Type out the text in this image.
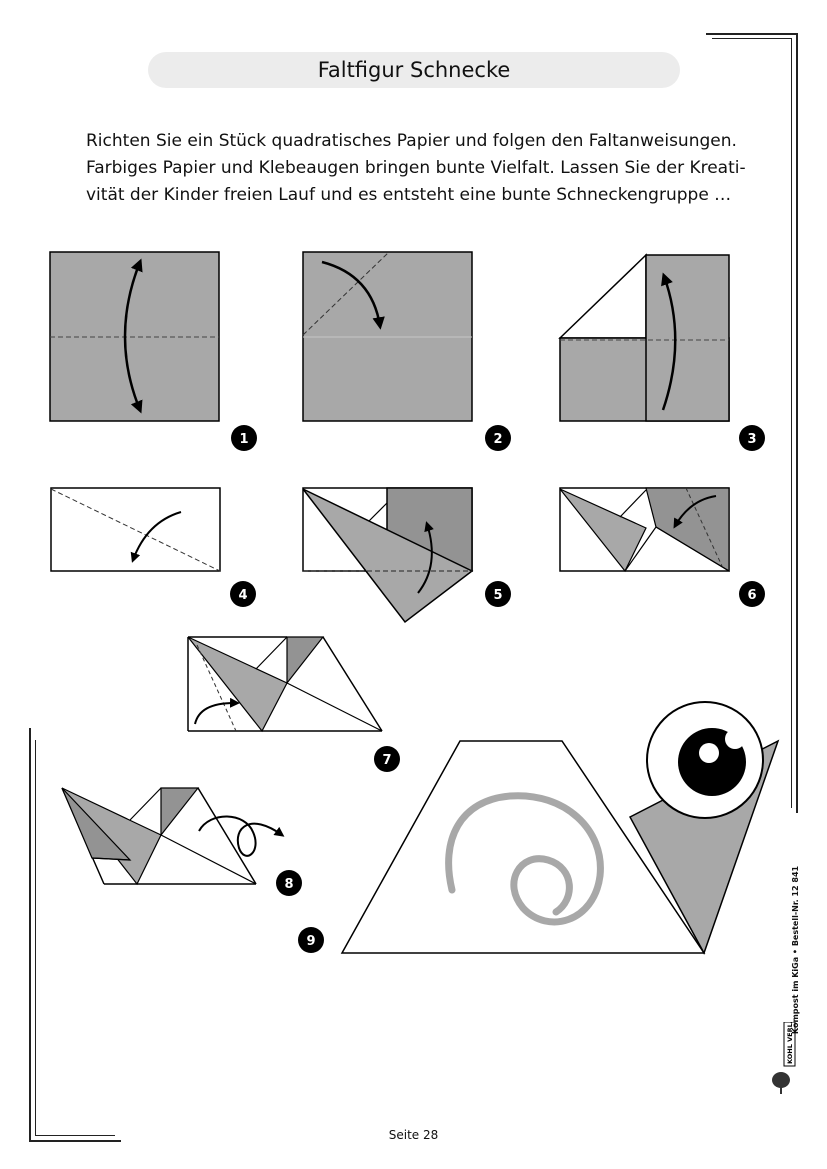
Faltfigur Schnecke

Richten Sie ein Stück quadratisches Papier und folgen den Faltanweisungen.
Farbiges Papier und Klebeaugen bringen bunte Vielfalt. Lassen Sie der Kreati-
vität der Kinder freien Lauf und es entsteht eine bunte Schneckengruppe …

1	2	3
4	5	6
7
8
9	Kompost im KiGa • Bestell-Nr. 12 841
KOHL VERLAG
Seite 28
